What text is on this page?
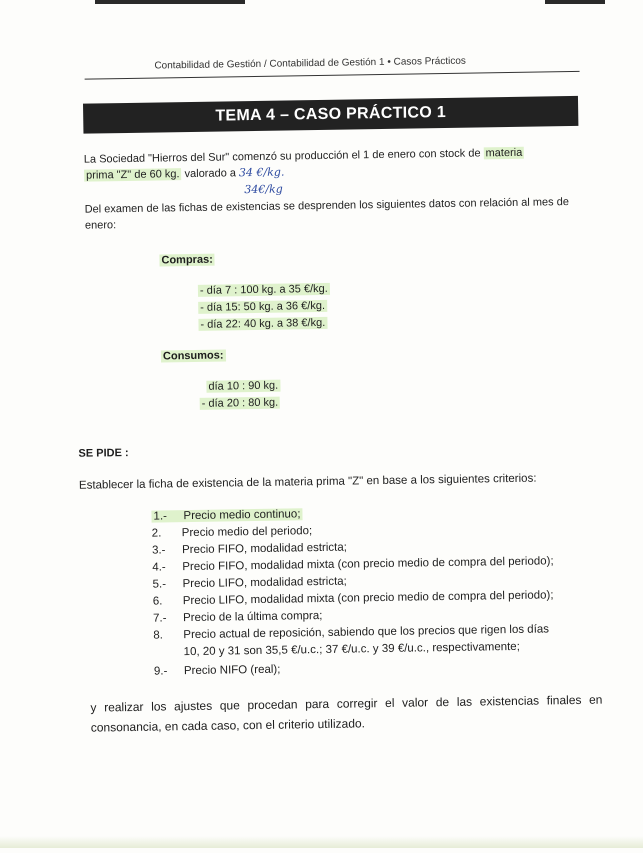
Contabilidad de Gestión / Contabilidad de Gestión 1 • Casos Prácticos
TEMA 4 – CASO PRÁCTICO 1
La Sociedad "Hierros del Sur" comenzó su producción el 1 de enero con stock de materia
prima "Z" de 60 kg. valorado a 34 €/kg.
34€/kg
Del examen de las fichas de existencias se desprenden los siguientes datos con relación al mes de enero:
Compras:
- día 7 : 100 kg. a 35 €/kg.
- día 15: 50 kg. a 36 €/kg.
- día 22: 40 kg. a 38 €/kg.
Consumos:
día 10 : 90 kg.
- día 20 : 80 kg.
SE PIDE :
Establecer la ficha de existencia de la materia prima "Z" en base a los siguientes criterios:
1.- Precio medio continuo;
2. Precio medio del periodo;
3.- Precio FIFO, modalidad estricta;
4.- Precio FIFO, modalidad mixta (con precio medio de compra del periodo);
5.- Precio LIFO, modalidad estricta;
6. Precio LIFO, modalidad mixta (con precio medio de compra del periodo);
7.- Precio de la última compra;
8. Precio actual de reposición, sabiendo que los precios que rigen los días
10, 20 y 31 son 35,5 €/u.c.; 37 €/u.c. y 39 €/u.c., respectivamente;
9.- Precio NIFO (real);
y realizar los ajustes que procedan para corregir el valor de las existencias finales en consonancia, en cada caso, con el criterio utilizado.
